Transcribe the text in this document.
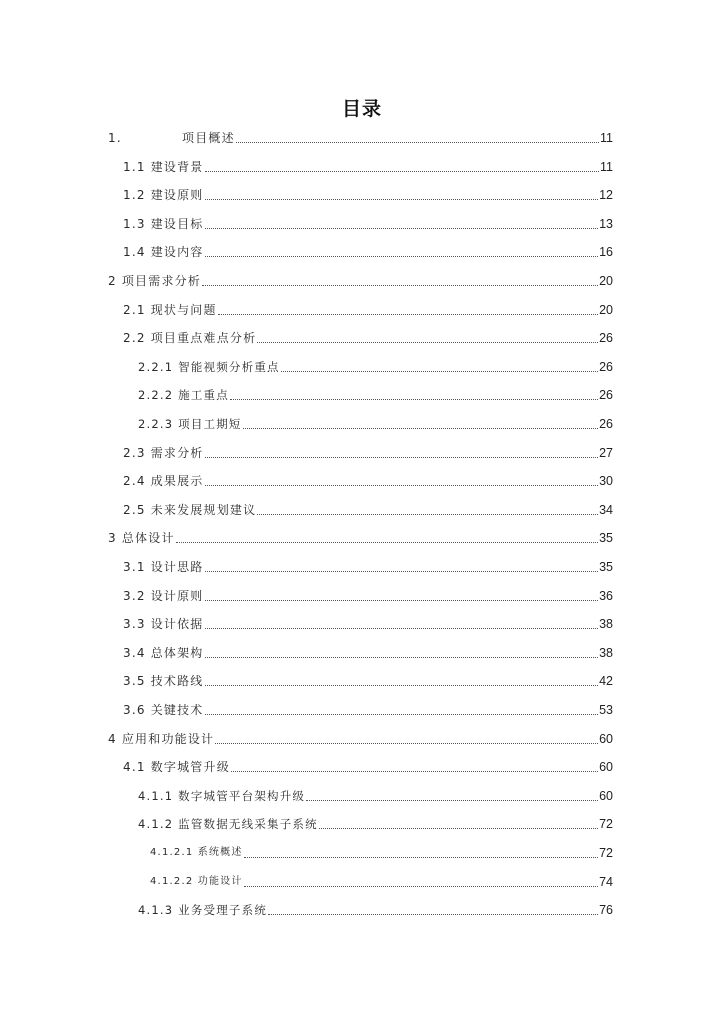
目录
1.            项目概述	11
1.1 建设背景	11
1.2 建设原则	12
1.3 建设目标	13
1.4 建设内容	16
2 项目需求分析	20
2.1 现状与问题	20
2.2 项目重点难点分析	26
2.2.1 智能视频分析重点	26
2.2.2 施工重点	26
2.2.3 项目工期短	26
2.3 需求分析	27
2.4 成果展示	30
2.5 未来发展规划建议	34
3 总体设计	35
3.1 设计思路	35
3.2 设计原则	36
3.3 设计依据	38
3.4 总体架构	38
3.5 技术路线	42
3.6 关键技术	53
4 应用和功能设计	60
4.1 数字城管升级	60
4.1.1 数字城管平台架构升级	60
4.1.2 监管数据无线采集子系统	72
4.1.2.1 系统概述	72
4.1.2.2 功能设计	74
4.1.3 业务受理子系统	76
